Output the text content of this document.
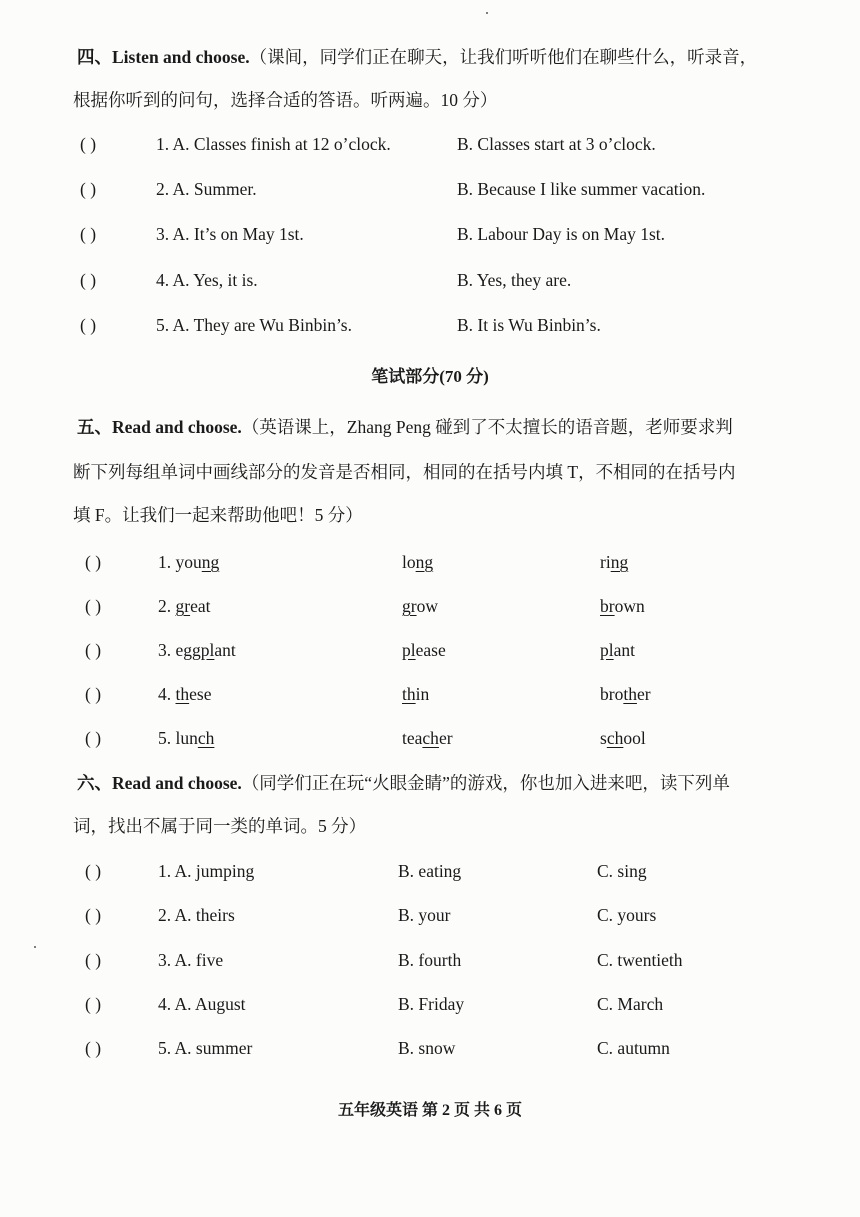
四、Listen and choose.（课间，同学们正在聊天，让我们听听他们在聊些什么，听录音，

根据你听到的问句，选择合适的答语。听两遍。10 分）

( )	1. A. Classes finish at 12 o’clock.	B. Classes start at 3 o’clock.
( )	2. A. Summer.	B. Because I like summer vacation.
( )	3. A. It’s on May 1st.	B. Labour Day is on May 1st.
( )	4. A. Yes, it is.	B. Yes, they are.
( )	5. A. They are Wu Binbin’s.	B. It is Wu Binbin’s.
笔试部分(70 分)

五、Read and choose.（英语课上，Zhang Peng 碰到了不太擅长的语音题，老师要求判

断下列每组单词中画线部分的发音是否相同，相同的在括号内填 T，不相同的在括号内

填 F。让我们一起来帮助他吧！5 分）

( )	1. young	long	ring
( )	2. great	grow	brown
( )	3. eggplant	please	plant
( )	4. these	thin	brother
( )	5. lunch	teacher	school

六、Read and choose.（同学们正在玩“火眼金睛”的游戏，你也加入进来吧，读下列单

词，找出不属于同一类的单词。5 分）

( )	1. A. jumping	B. eating	C. sing
( )	2. A. theirs	B. your	C. yours
( )	3. A. five	B. fourth	C. twentieth
( )	4. A. August	B. Friday	C. March
( )	5. A. summer	B. snow	C. autumn
五年级英语 第 2 页 共 6 页
